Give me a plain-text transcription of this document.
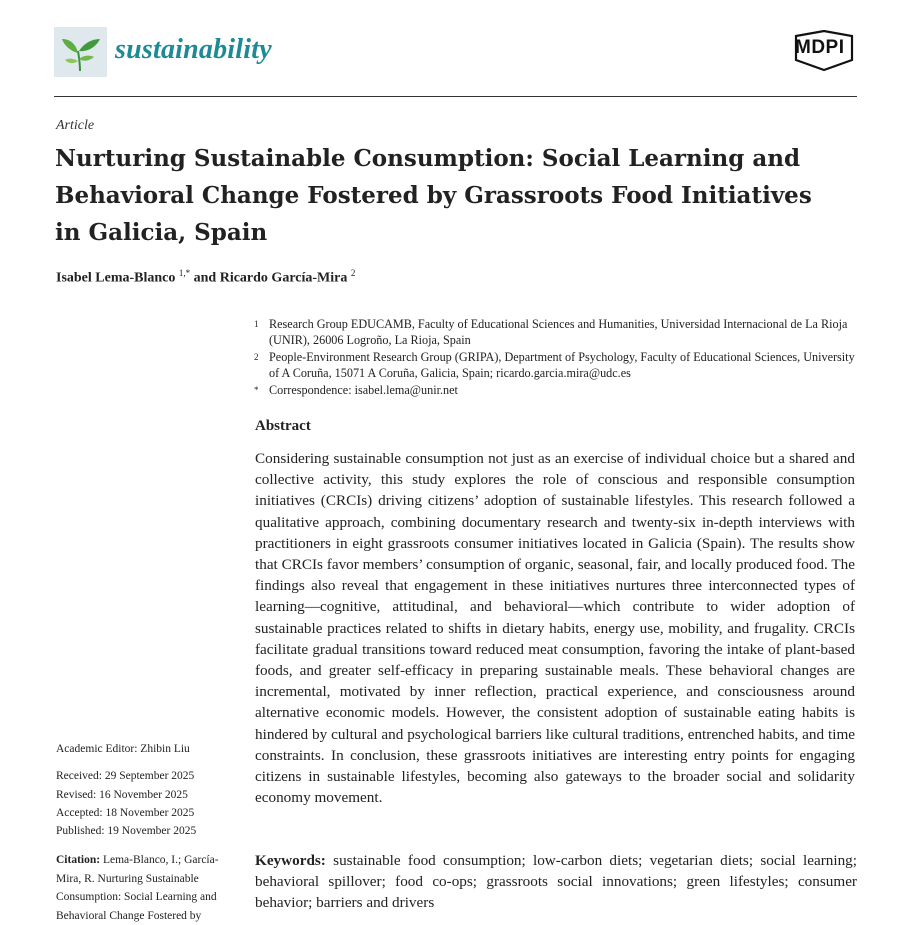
sustainability	MDPI
Article
Nurturing Sustainable Consumption: Social Learning and Behavioral Change Fostered by Grassroots Food Initiatives in Galicia, Spain
Isabel Lema-Blanco $^{1,*}$ and Ricardo García-Mira $^2$
1 Research Group EDUCAMB, Faculty of Educational Sciences and Humanities, Universidad Internacional de La Rioja (UNIR), 26006 Logroño, La Rioja, Spain
2 People-Environment Research Group (GRIPA), Department of Psychology, Faculty of Educational Sciences, University of A Coruña, 15071 A Coruña, Galicia, Spain; ricardo.garcia.mira@udc.es
* Correspondence: isabel.lema@unir.net
Abstract
Considering sustainable consumption not just as an exercise of individual choice but a shared and collective activity, this study explores the role of conscious and responsible consumption initiatives (CRCIs) driving citizens’ adoption of sustainable lifestyles. This research followed a qualitative approach, combining documentary research and twenty-six in-depth interviews with practitioners in eight grassroots consumer initiatives located in Galicia (Spain). The results show that CRCIs favor members’ consumption of organic, seasonal, fair, and locally produced food. The findings also reveal that engagement in these initiatives nurtures three interconnected types of learning—cognitive, attitudinal, and behavioral—which contribute to wider adoption of sustainable practices related to shifts in dietary habits, energy use, mobility, and frugality. CRCIs facilitate gradual transitions toward reduced meat consumption, favoring the intake of plant-based foods, and greater self-efficacy in preparing sustainable meals. These behavioral changes are incremental, motivated by inner reflection, practical experience, and consciousness around alternative economic models. However, the consistent adoption of sustainable eating habits is hindered by cultural and psychological barriers like cultural traditions, entrenched habits, and time constraints. In conclusion, these grassroots initiatives are interesting entry points for engaging citizens in sustainable lifestyles, becoming also gateways to the broader social and solidarity economy movement.
Keywords: sustainable food consumption; low-carbon diets; vegetarian diets; social learning; behavioral spillover; food co-ops; grassroots social innovations; green lifestyles; consumer behavior; barriers and drivers
Academic Editor: Zhibin Liu
Received: 29 September 2025
Revised: 16 November 2025
Accepted: 18 November 2025
Published: 19 November 2025
Citation: Lema-Blanco, I.; García-Mira, R. Nurturing Sustainable Consumption: Social Learning and Behavioral Change Fostered by
